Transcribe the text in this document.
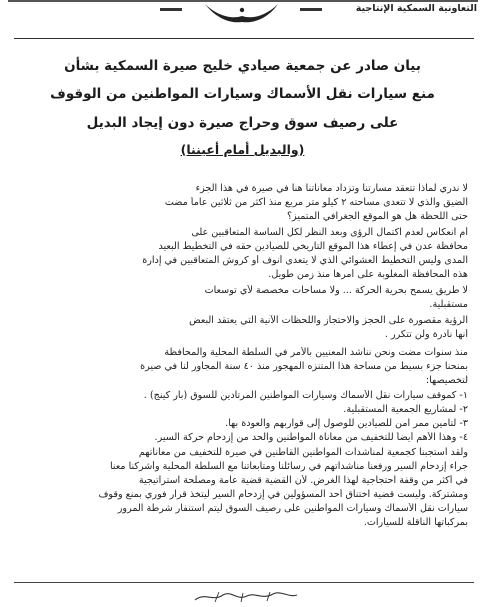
التعاونية السمكية الإنتاجية
بيان صادر عن جمعية صيادي خليج صيرة السمكية بشأن
منع سيارات نقل الأسماك وسيارات المواطنين من الوقوف
على رصيف سوق وحراج صيرة دون إيجاد البديل
(والبديل أمام أعيننا)
لا ندري لماذا تتعقد مسارتنا وتزداد معاناتنا هنا في صيرة في هذا الجزء
الضيق والذي لا تتعدى مساحته ٢ كيلو متر مربع منذ أكثر من ثلاثين عاماً مضت
حتى اللحظة هل هو الموقع الجغرافي المتميز؟
أم انعكاس لعدم اكتمال الرؤى وبعد النظر لكل الساسة المتعاقبين على
محافظة عدن في إعطاء هذا الموقع التاريخي للصيادين حقه في التخطيط البعيد
المدى وليس التخطيط العشوائي الذي لا يتعدى أنوف أو كروش المتعاقبين في إدارة
هذه المحافظة المغلوبة على أمرها منذ زمن طويل.
لا طريق يسمح بحرية الحركة ... ولا مساحات مخصصة لأي توسعات
مستقبلية.
الرؤية مقصورة على الحجز والاحتجاز واللحظات الآنية التي يعتقد البعض
أنها نادرة ولن تتكرر .
منذ سنوات مضت ونحن نناشد المعنيين بالأمر في السلطة المحلية والمحافظة
بمنحنا جزء بسيط من مساحة هذا المتنزه المهجور منذ ٤٠ سنة المجاور لنا في صيرة
لتخصيصها:
١- كموقف سيارات نقل الأسماك وسيارات المواطنين المرتادين للسوق (بار كينج) .
٢- لمشاريع الجمعية المستقبلية.
٣- لتأمين ممر آمن للصيادين للوصول إلى قواربهم والعودة بها.
٤- وهذا الأهم أيضاً للتخفيف من معاناة المواطنين والحد من إزدحام حركة السير.
ولقد استجبنا كجمعية لمناشدات المواطنين القاطنين في صيرة للتخفيف من معاناتهم
جراء إزدحام السير ورفعنا مناشداتهم في رسائلنا ومتابعاتنا مع السلطة المحلية وأشركنا معنا
في أكثر من وقفة احتجاجية لهذا الغرض. لأن القضية قضية عامة ومصلحة استراتيجية
ومشتركة. وليست قضية اختناق أحد المسؤولين في إزدحام السير ليتخذ قرار فوري بمنع وقوف
سيارات نقل الأسماك وسيارات المواطنين على رصيف السوق ليتم استنفار شرطة المرور
بمركباتها الناقلة للسيارات.
